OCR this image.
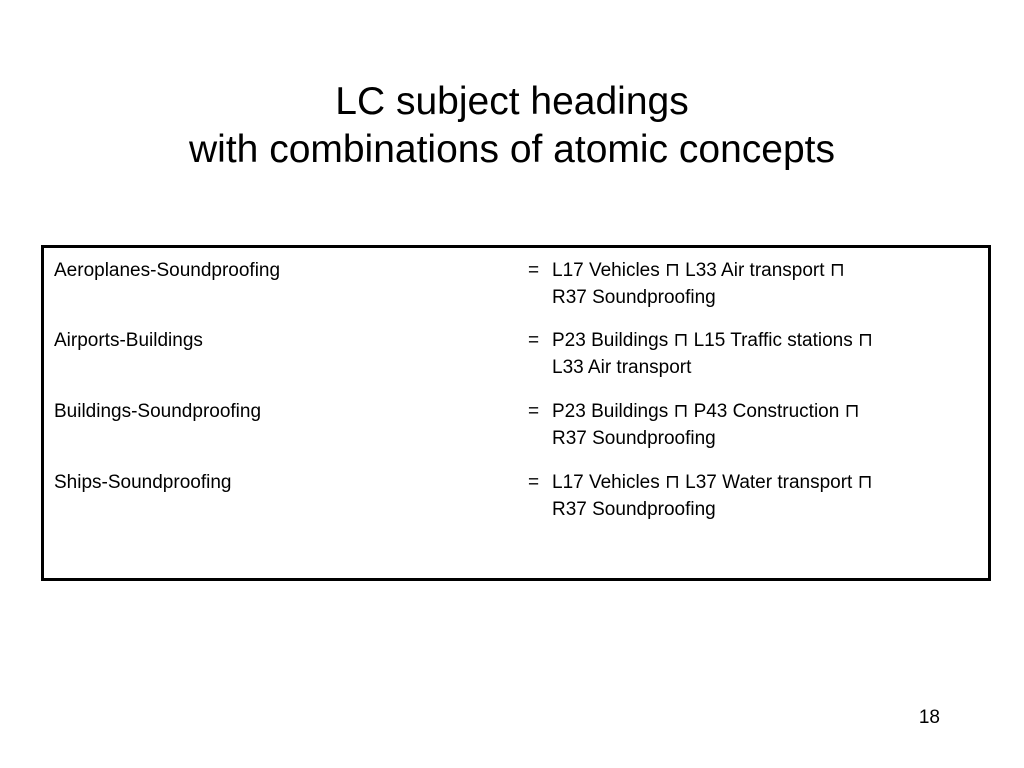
LC subject headings
with combinations of atomic concepts
Aeroplanes-Soundproofing	= L17 Vehicles ⊓ L33 Air transport ⊓
R37 Soundproofing
Airports-Buildings	= P23 Buildings ⊓ L15 Traffic stations ⊓
L33 Air transport
Buildings-Soundproofing	= P23 Buildings ⊓ P43 Construction ⊓
R37 Soundproofing
Ships-Soundproofing	= L17 Vehicles ⊓ L37 Water transport ⊓
R37 Soundproofing
18
